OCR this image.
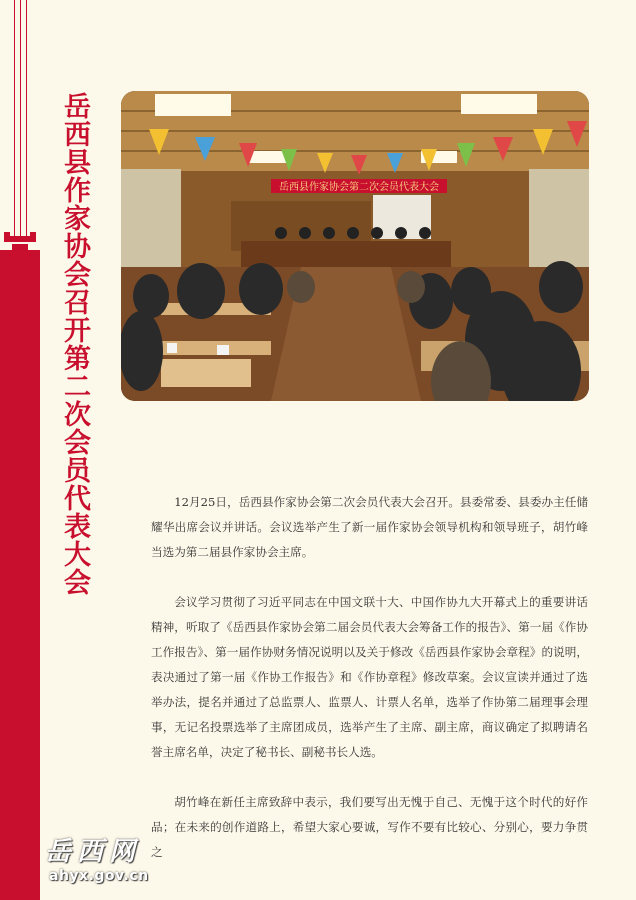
岳西县作家协会召开第二次会员代表大会	岳西县作家协会第二次会员代表大会

12月25日，岳西县作家协会第二次会员代表大会召开。县委常委、县委办主任储耀华出席会议并讲话。会议选举产生了新一届作家协会领导机构和领导班子，胡竹峰当选为第二届县作家协会主席。

会议学习贯彻了习近平同志在中国文联十大、中国作协九大开幕式上的重要讲话精神，听取了《岳西县作家协会第二届会员代表大会筹备工作的报告》、第一届《作协工作报告》、第一届作协财务情况说明以及关于修改《岳西县作家协会章程》的说明，表决通过了第一届《作协工作报告》和《作协章程》修改草案。会议宣读并通过了选举办法，提名并通过了总监票人、监票人、计票人名单，选举了作协第二届理事会理事，无记名投票选举了主席团成员，选举产生了主席、副主席，商议确定了拟聘请名誉主席名单，决定了秘书长、副秘书长人选。

胡竹峰在新任主席致辞中表示，我们要写出无愧于自己、无愧于这个时代的好作品；在未来的创作道路上，希望大家心要诚，写作不要有比较心、分别心，要力争贯之

岳西网
ahyx.gov.cn
